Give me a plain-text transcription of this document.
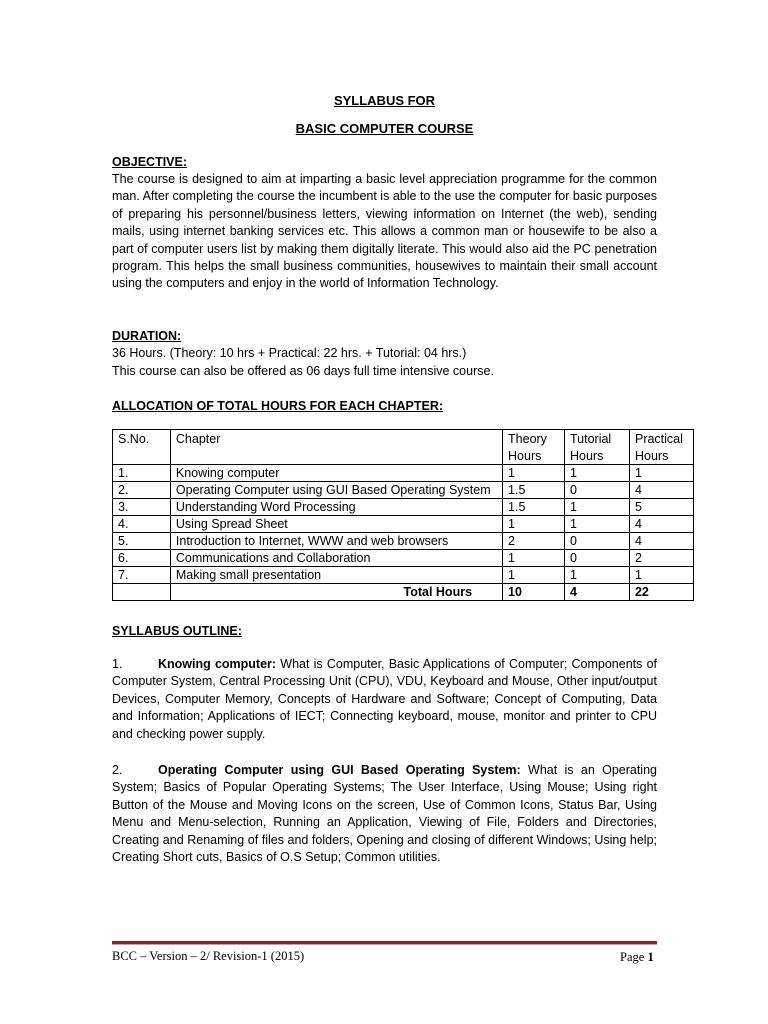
SYLLABUS FOR
BASIC COMPUTER COURSE
OBJECTIVE:
The course is designed to aim at imparting a basic level appreciation programme for the common man. After completing the course the incumbent is able to the use the computer for basic purposes of preparing his personnel/business letters, viewing information on Internet (the web), sending mails, using internet banking services etc. This allows a common man or housewife to be also a part of computer users list by making them digitally literate. This would also aid the PC penetration program. This helps the small business communities, housewives to maintain their small account using the computers and enjoy in the world of Information Technology.
DURATION:
36 Hours. (Theory: 10 hrs + Practical: 22 hrs. + Tutorial: 04 hrs.)
This course can also be offered as 06 days full time intensive course.
ALLOCATION OF TOTAL HOURS FOR EACH CHAPTER:
S.No.	Chapter	Theory Hours	Tutorial Hours	Practical Hours
1.	Knowing computer	1	1	1
2.	Operating Computer using GUI Based Operating System	1.5	0	4
3.	Understanding Word Processing	1.5	1	5
4.	Using Spread Sheet	1	1	4
5.	Introduction to Internet, WWW and web browsers	2	0	4
6.	Communications and Collaboration	1	0	2
7.	Making small presentation	1	1	1
	Total Hours	10	4	22
SYLLABUS OUTLINE:
1.	Knowing computer: What is Computer, Basic Applications of Computer; Components of Computer System, Central Processing Unit (CPU), VDU, Keyboard and Mouse, Other input/output Devices, Computer Memory, Concepts of Hardware and Software; Concept of Computing, Data and Information; Applications of IECT; Connecting keyboard, mouse, monitor and printer to CPU and checking power supply.
2.	Operating Computer using GUI Based Operating System: What is an Operating System; Basics of Popular Operating Systems; The User Interface, Using Mouse; Using right Button of the Mouse and Moving Icons on the screen, Use of Common Icons, Status Bar, Using Menu and Menu-selection, Running an Application, Viewing of File, Folders and Directories, Creating and Renaming of files and folders, Opening and closing of different Windows; Using help; Creating Short cuts, Basics of O.S Setup; Common utilities.
BCC – Version – 2/ Revision-1 (2015)	Page 1
